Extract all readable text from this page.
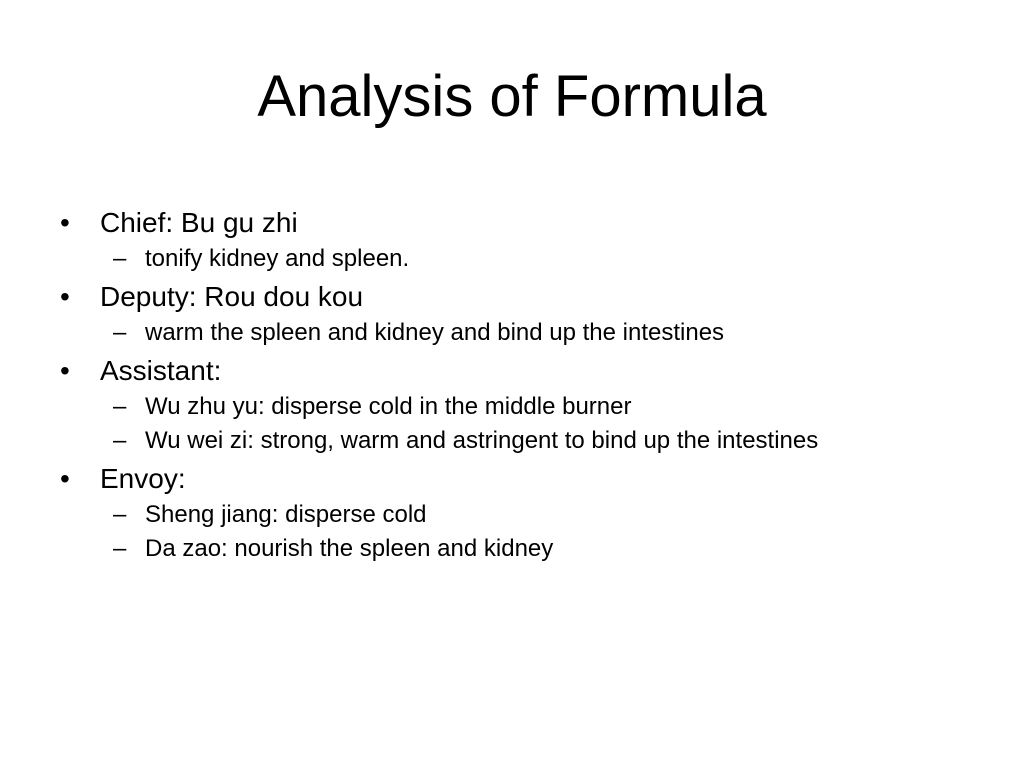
Analysis of Formula
•	Chief: Bu gu zhi
– tonify kidney and spleen.
•	Deputy: Rou dou kou
– warm the spleen and kidney and bind up the intestines
•	Assistant:
– Wu zhu yu: disperse cold in the middle burner
– Wu wei zi: strong, warm and astringent to bind up the intestines
•	Envoy:
– Sheng jiang: disperse cold
– Da zao: nourish the spleen and kidney
